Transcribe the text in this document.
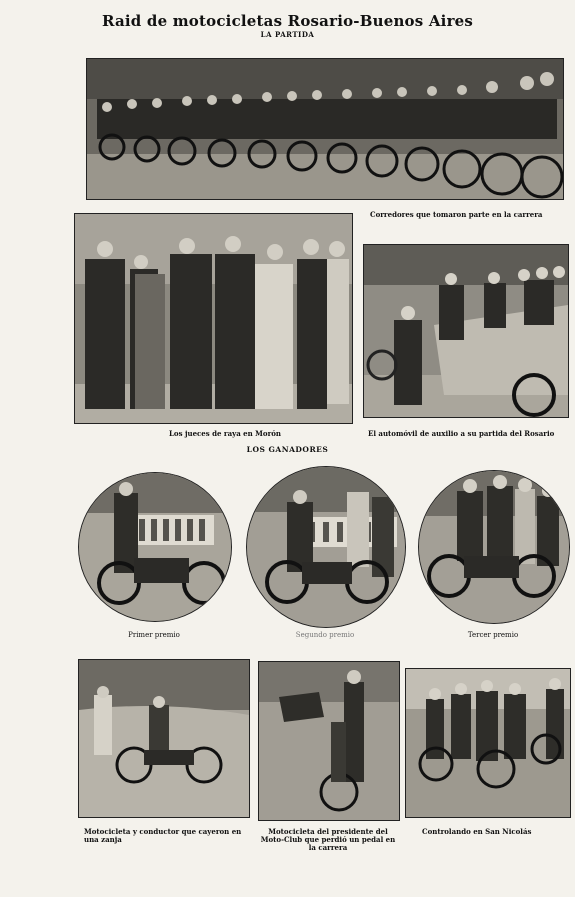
Raid de motocicletas Rosario-Buenos Aires
LA PARTIDA
Corredores que tomaron parte en la carrera
Los jueces de raya en Morón	El automóvil de auxilio a su partida del Rosario
LOS GANADORES
Primer premio	Segundo premio	Tercer premio
Motocicleta y conductor que cayeron en una zanja
Motocicleta del presidente del Moto-Club que perdió un pedal en la carrera
Controlando en San Nicolás
